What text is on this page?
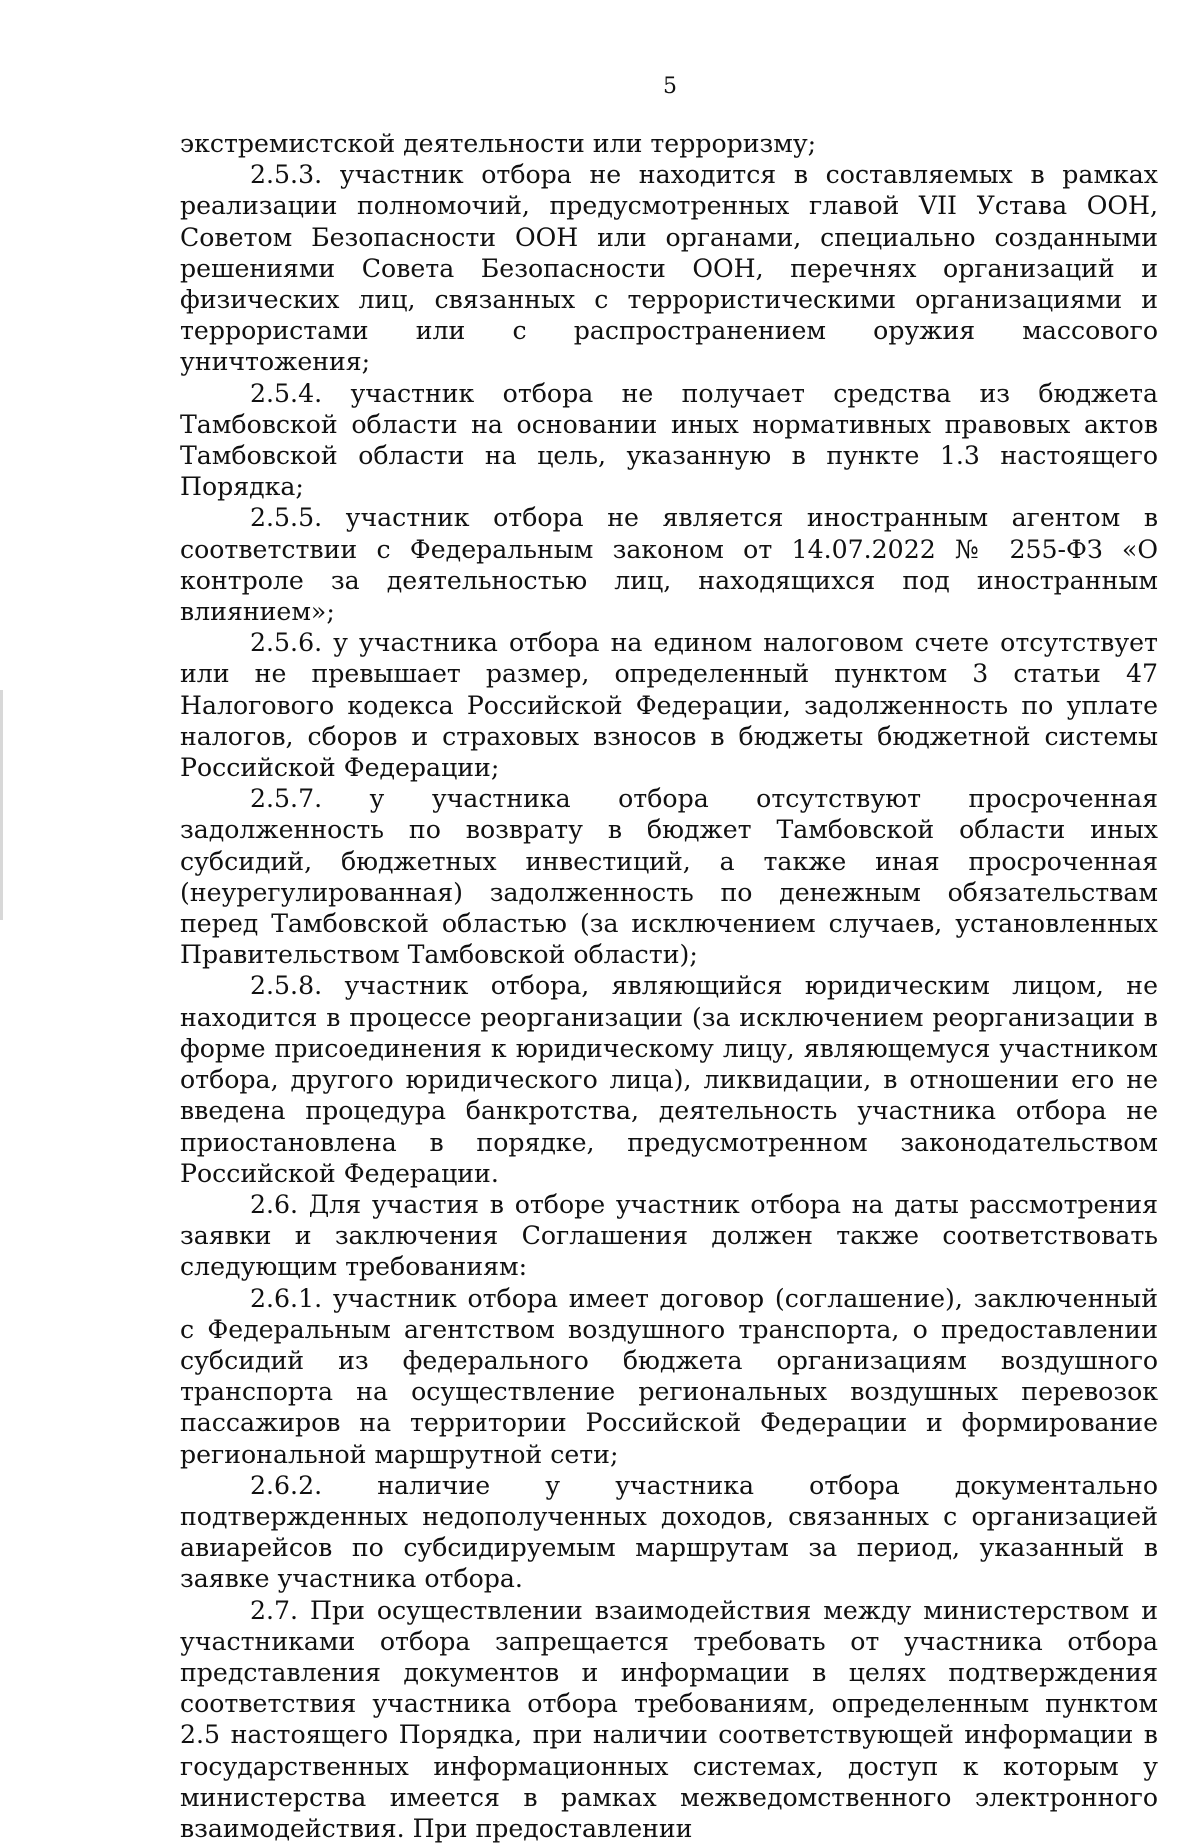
5

экстремистской деятельности или терроризму;

2.5.3. участник отбора не находится в составляемых в рамках реализации полномочий, предусмотренных главой VII Устава ООН, Советом Безопасности ООН или органами, специально созданными решениями Совета Безопасности ООН, перечнях организаций и физических лиц, связанных с террористическими организациями и террористами или с распространением оружия массового уничтожения;

2.5.4. участник отбора не получает средства из бюджета Тамбовской области на основании иных нормативных правовых актов Тамбовской области на цель, указанную в пункте 1.3 настоящего Порядка;

2.5.5. участник отбора не является иностранным агентом в соответствии с Федеральным законом от 14.07.2022 № 255-ФЗ «О контроле за деятельностью лиц, находящихся под иностранным влиянием»;

2.5.6. у участника отбора на едином налоговом счете отсутствует или не превышает размер, определенный пунктом 3 статьи 47 Налогового кодекса Российской Федерации, задолженность по уплате налогов, сборов и страховых взносов в бюджеты бюджетной системы Российской Федерации;

2.5.7. у участника отбора отсутствуют просроченная задолженность по возврату в бюджет Тамбовской области иных субсидий, бюджетных инвестиций, а также иная просроченная (неурегулированная) задолженность по денежным обязательствам перед Тамбовской областью (за исключением случаев, установленных Правительством Тамбовской области);

2.5.8. участник отбора, являющийся юридическим лицом, не находится в процессе реорганизации (за исключением реорганизации в форме присоединения к юридическому лицу, являющемуся участником отбора, другого юридического лица), ликвидации, в отношении его не введена процедура банкротства, деятельность участника отбора не приостановлена в порядке, предусмотренном законодательством Российской Федерации.

2.6. Для участия в отборе участник отбора на даты рассмотрения заявки и заключения Соглашения должен также соответствовать следующим требованиям:

2.6.1. участник отбора имеет договор (соглашение), заключенный с Федеральным агентством воздушного транспорта, о предоставлении субсидий из федерального бюджета организациям воздушного транспорта на осуществление региональных воздушных перевозок пассажиров на территории Российской Федерации и формирование региональной маршрутной сети;

2.6.2. наличие у участника отбора документально подтвержденных недополученных доходов, связанных с организацией авиарейсов по субсидируемым маршрутам за период, указанный в заявке участника отбора.

2.7. При осуществлении взаимодействия между министерством и участниками отбора запрещается требовать от участника отбора представления документов и информации в целях подтверждения соответствия участника отбора требованиям, определенным пунктом 2.5 настоящего Порядка, при наличии соответствующей информации в государственных информационных системах, доступ к которым у министерства имеется в рамках межведомственного электронного взаимодействия. При предоставлении
